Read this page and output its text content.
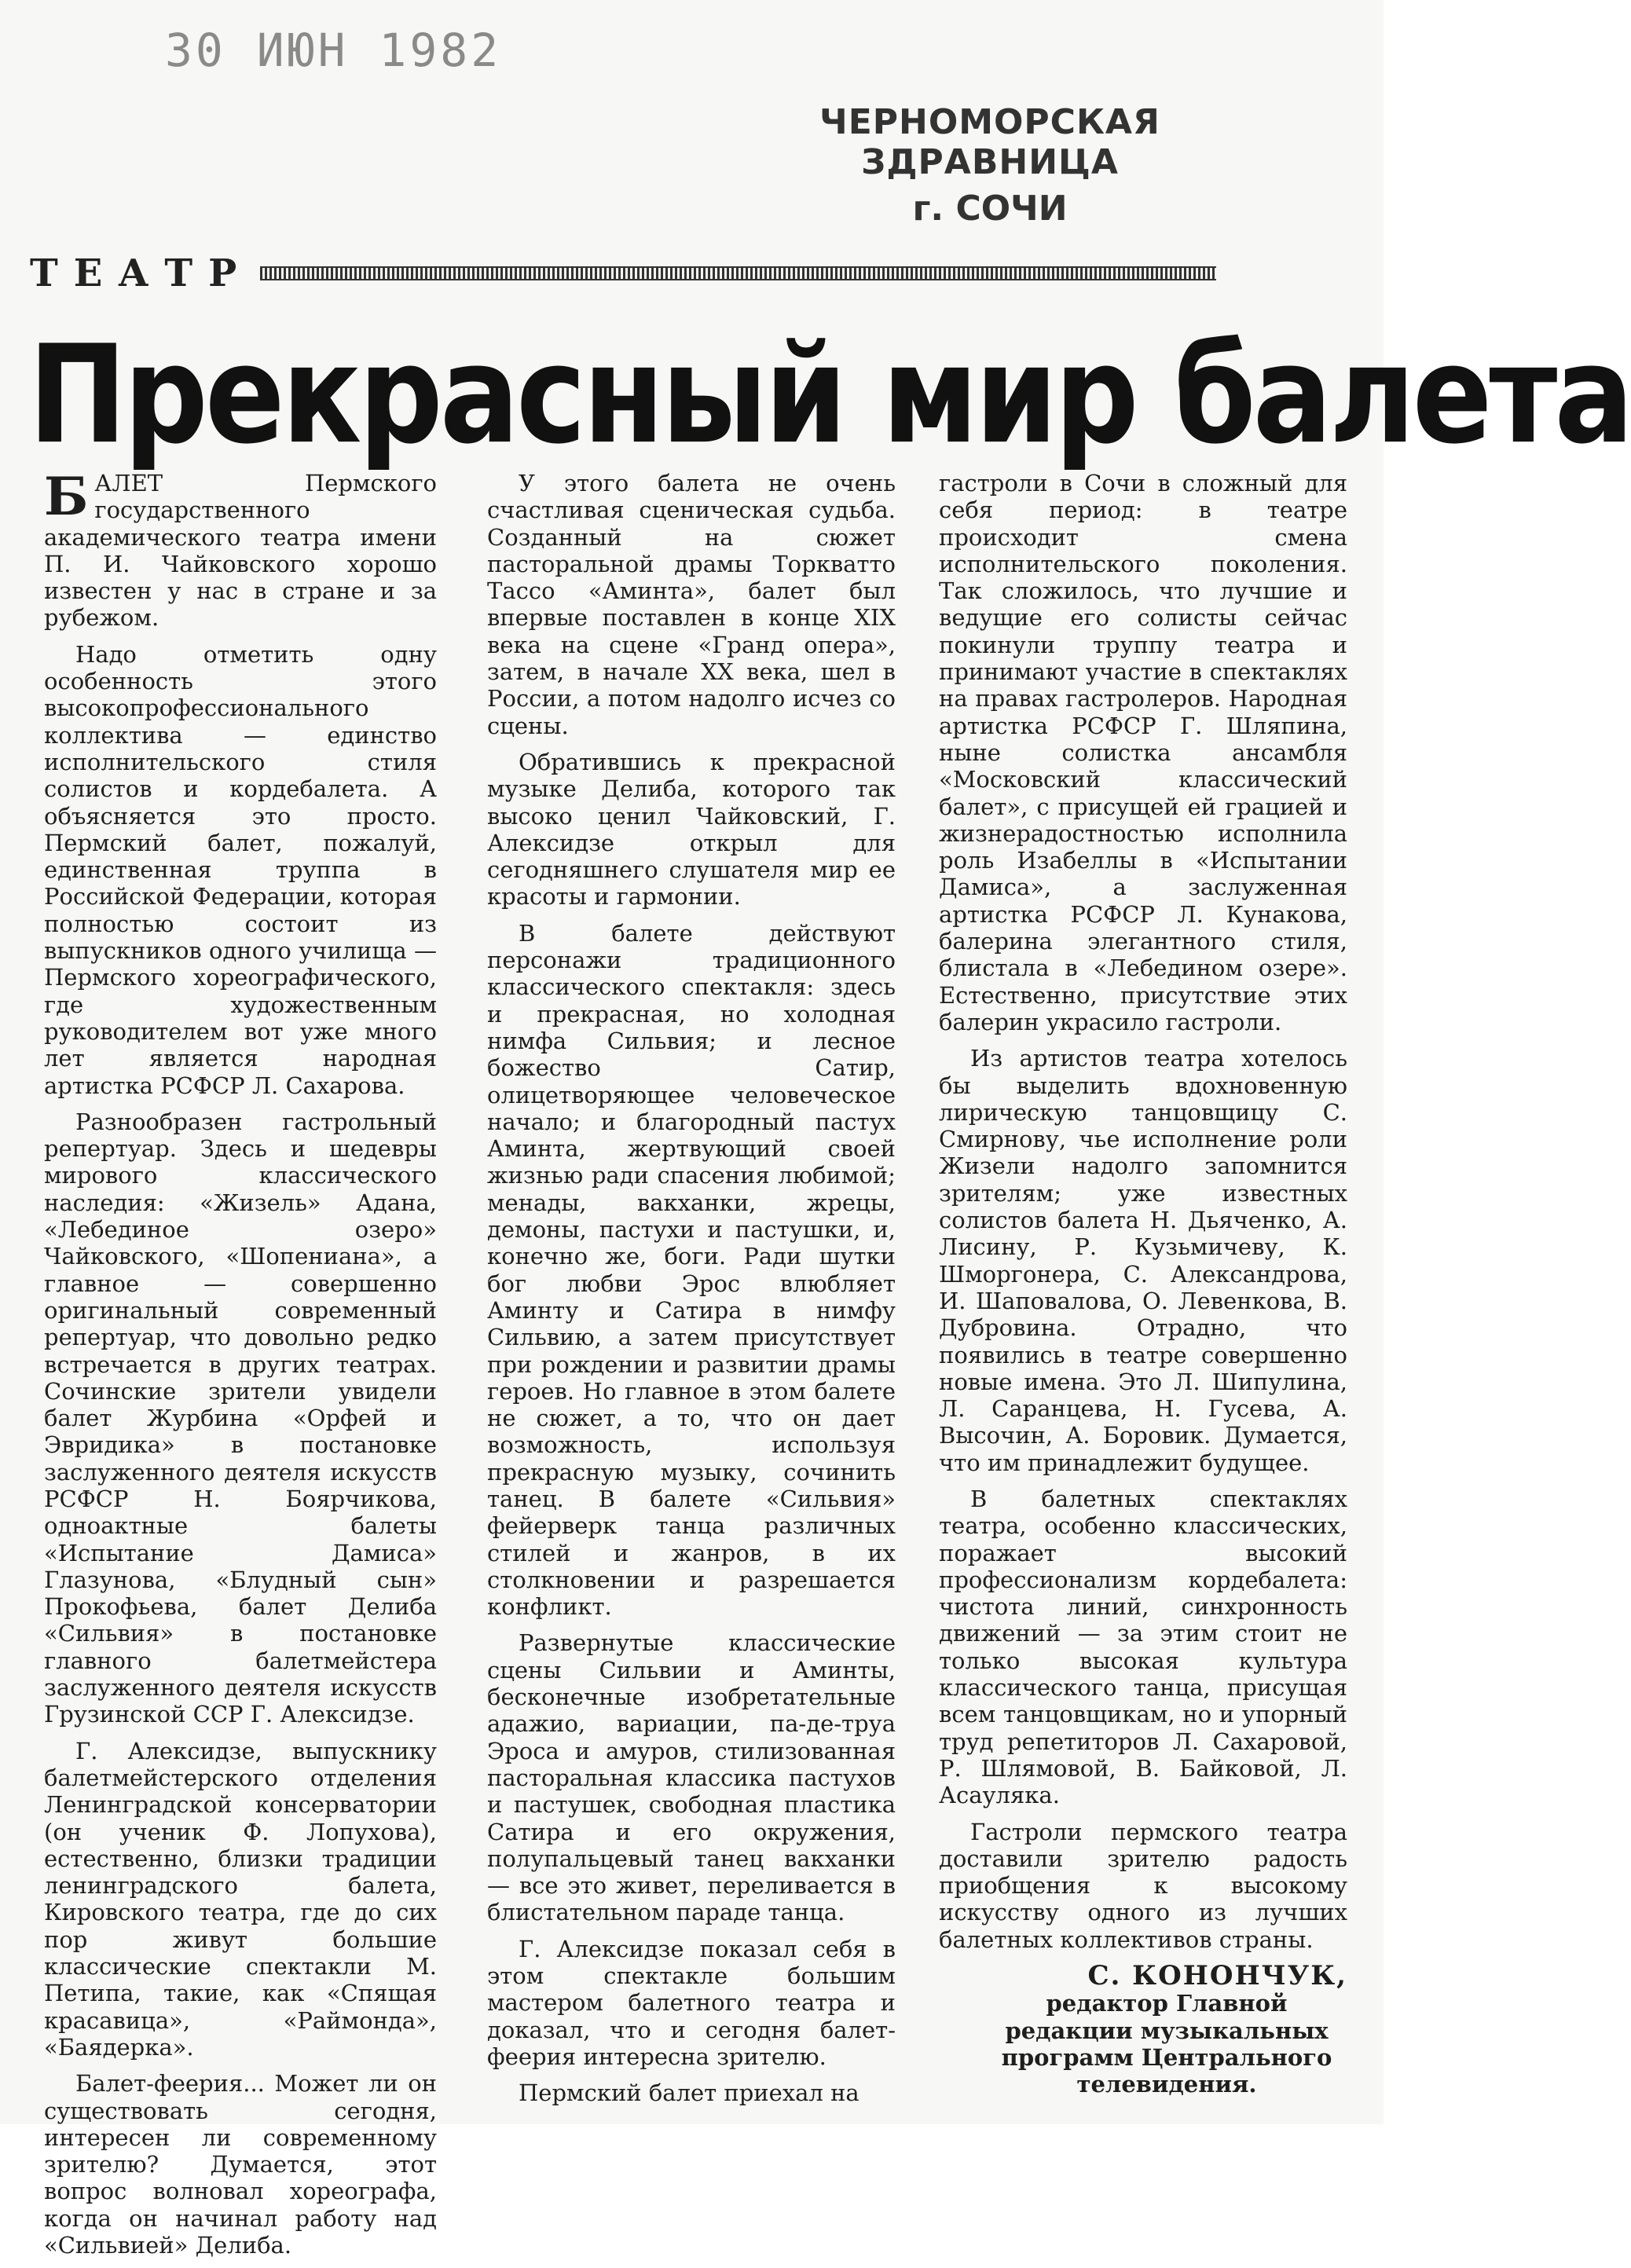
30 ИЮН 1982
ЧЕРНОМОРСКАЯ ЗДРАВНИЦА
г. СОЧИ
ТЕАТР
Прекрасный мир балета

БАЛЕТ Пермского государственного академического театра имени П. И. Чайковского хорошо известен у нас в стране и за рубежом.

Надо отметить одну особенность этого высокопрофессионального коллектива — единство исполнительского стиля солистов и кордебалета. А объясняется это просто. Пермский балет, пожалуй, единственная труппа в Российской Федерации, которая полностью состоит из выпускников одного училища — Пермского хореографического, где художественным руководителем вот уже много лет является народная артистка РСФСР Л. Сахарова.

Разнообразен гастрольный репертуар. Здесь и шедевры мирового классического наследия: «Жизель» Адана, «Лебединое озеро» Чайковского, «Шопениана», а главное — совершенно оригинальный современный репертуар, что довольно редко встречается в других театрах. Сочинские зрители увидели балет Журбина «Орфей и Эвридика» в постановке заслуженного деятеля искусств РСФСР Н. Боярчикова, одноактные балеты «Испытание Дамиса» Глазунова, «Блудный сын» Прокофьева, балет Делиба «Сильвия» в постановке главного балетмейстера заслуженного деятеля искусств Грузинской ССР Г. Алексидзе.

Г. Алексидзе, выпускнику балетмейстерского отделения Ленинградской консерватории (он ученик Ф. Лопухова), естественно, близки традиции ленинградского балета, Кировского театра, где до сих пор живут большие классические спектакли М. Петипа, такие, как «Спящая красавица», «Раймонда», «Баядерка».

Балет-феерия... Может ли он существовать сегодня, интересен ли современному зрителю? Думается, этот вопрос волновал хореографа, когда он начинал работу над «Сильвией» Делиба.

У этого балета не очень счастливая сценическая судьба. Созданный на сюжет пасторальной драмы Торкватто Тассо «Аминта», балет был впервые поставлен в конце XIX века на сцене «Гранд опера», затем, в начале XX века, шел в России, а потом надолго исчез со сцены.

Обратившись к прекрасной музыке Делиба, которого так высоко ценил Чайковский, Г. Алексидзе открыл для сегодняшнего слушателя мир ее красоты и гармонии.

В балете действуют персонажи традиционного классического спектакля: здесь и прекрасная, но холодная нимфа Сильвия; и лесное божество Сатир, олицетворяющее человеческое начало; и благородный пастух Аминта, жертвующий своей жизнью ради спасения любимой; менады, вакханки, жрецы, демоны, пастухи и пастушки, и, конечно же, боги. Ради шутки бог любви Эрос влюбляет Аминту и Сатира в нимфу Сильвию, а затем присутствует при рождении и развитии драмы героев. Но главное в этом балете не сюжет, а то, что он дает возможность, используя прекрасную музыку, сочинить танец. В балете «Сильвия» фейерверк танца различных стилей и жанров, в их столкновении и разрешается конфликт.

Развернутые классические сцены Сильвии и Аминты, бесконечные изобретательные адажио, вариации, па-де-труа Эроса и амуров, стилизованная пасторальная классика пастухов и пастушек, свободная пластика Сатира и его окружения, полупальцевый танец вакханки — все это живет, переливается в блистательном параде танца.

Г. Алексидзе показал себя в этом спектакле большим мастером балетного театра и доказал, что и сегодня балет-феерия интересна зрителю.

Пермский балет приехал на

гастроли в Сочи в сложный для себя период: в театре происходит смена исполнительского поколения. Так сложилось, что лучшие и ведущие его солисты сейчас покинули труппу театра и принимают участие в спектаклях на правах гастролеров. Народная артистка РСФСР Г. Шляпина, ныне солистка ансамбля «Московский классический балет», с присущей ей грацией и жизнерадостностью исполнила роль Изабеллы в «Испытании Дамиса», а заслуженная артистка РСФСР Л. Кунакова, балерина элегантного стиля, блистала в «Лебедином озере». Естественно, присутствие этих балерин украсило гастроли.

Из артистов театра хотелось бы выделить вдохновенную лирическую танцовщицу С. Смирнову, чье исполнение роли Жизели надолго запомнится зрителям; уже известных солистов балета Н. Дьяченко, А. Лисину, Р. Кузьмичеву, К. Шморгонера, С. Александрова, И. Шаповалова, О. Левенкова, В. Дубровина. Отрадно, что появились в театре совершенно новые имена. Это Л. Шипулина, Л. Саранцева, Н. Гусева, А. Высочин, А. Боровик. Думается, что им принадлежит будущее.

В балетных спектаклях театра, особенно классических, поражает высокий профессионализм кордебалета: чистота линий, синхронность движений — за этим стоит не только высокая культура классического танца, присущая всем танцовщикам, но и упорный труд репетиторов Л. Сахаровой, Р. Шлямовой, В. Байковой, Л. Асауляка.

Гастроли пермского театра доставили зрителю радость приобщения к высокому искусству одного из лучших балетных коллективов страны.

С. КОНОНЧУК,
редактор Главной редакции музыкальных программ Центрального телевидения.
